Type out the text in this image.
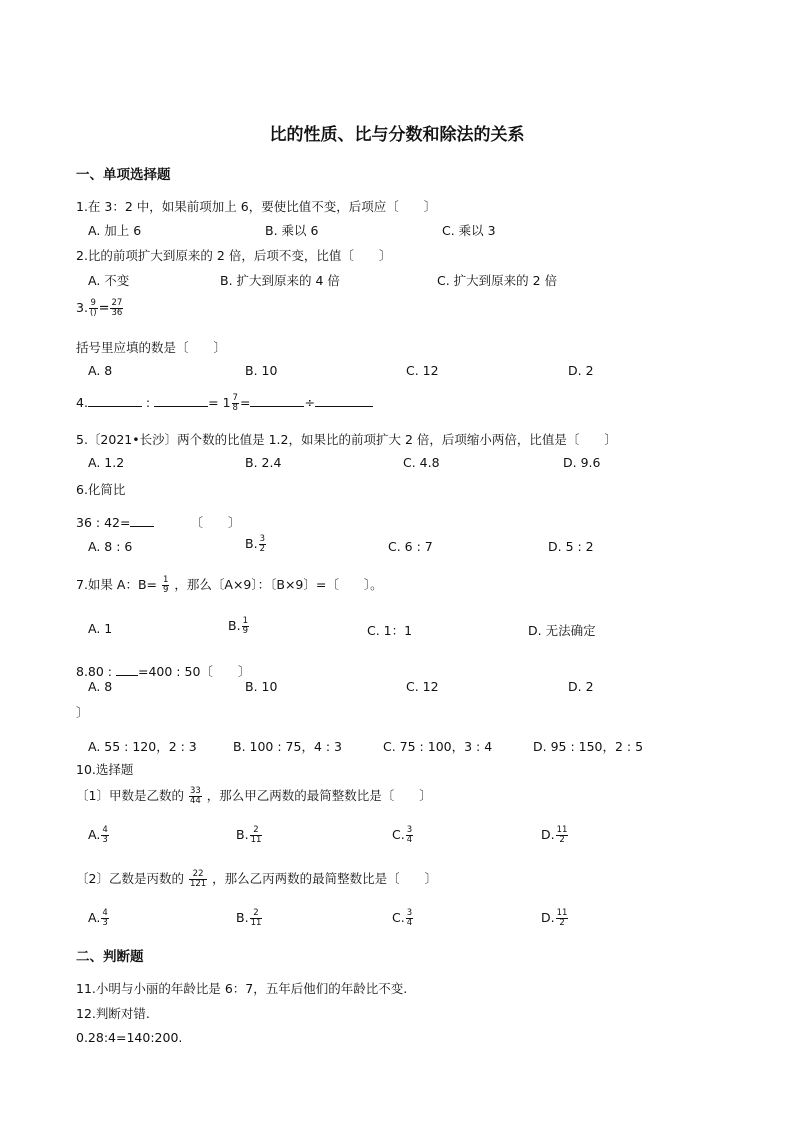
比的性质、比与分数和除法的关系
一、单项选择题
1.在 3：2 中，如果前项加上 6，要使比值不变，后项应〔　　〕
A. 加上 6	B. 乘以 6	C. 乘以 3
2.比的前项扩大到原来的 2 倍，后项不变，比值〔　　〕
A. 不变	B. 扩大到原来的 4 倍	C. 扩大到原来的 2 倍
3. $\frac{9}{()} = \frac{27}{36}$
括号里应填的数是〔　　〕
A. 8	B. 10	C. 12	D. 2
4.	:	= $1 \frac{7}{8}$ =	÷
5.〔2021•长沙〕两个数的比值是 1.2，如果比的前项扩大 2 倍，后项缩小两倍，比值是〔　　〕
A. 1.2	B. 2.4	C. 4.8	D. 9.6
6.化简比
36 : 42=	〔　　〕
A. 8 : 6	B. $\frac{3}{2}$	C. 6 : 7	D. 5 : 2
7.如果 A：$B= \frac{1}{9}$ ，那么〔A×9〕：〔B×9〕=〔　　〕。
A. 1	B. $\frac{1}{9}$	C. 1：1	D. 无法确定
8.80 : =400 : 50〔　　〕
A. 8	B. 10	C. 12	D. 2
〕
A. 55 : 120，2 : 3	B. 100 : 75，4 : 3	C. 75 : 100，3 : 4	D. 95 : 150，2 : 5
10.选择题
〔1〕甲数是乙数的 $\frac{33}{44}$ ，那么甲乙两数的最简整数比是〔　　〕
A. $\frac{4}{3}$	B. $\frac{2}{11}$	C. $\frac{3}{4}$	D. $\frac{11}{2}$
〔2〕乙数是丙数的 $\frac{22}{121}$ ，那么乙丙两数的最简整数比是〔　　〕
A. $\frac{4}{3}$	B. $\frac{2}{11}$	C. $\frac{3}{4}$	D. $\frac{11}{2}$
二、判断题
11.小明与小丽的年龄比是 6：7，五年后他们的年龄比不变.
12.判断对错.
0.28:4=140:200.
